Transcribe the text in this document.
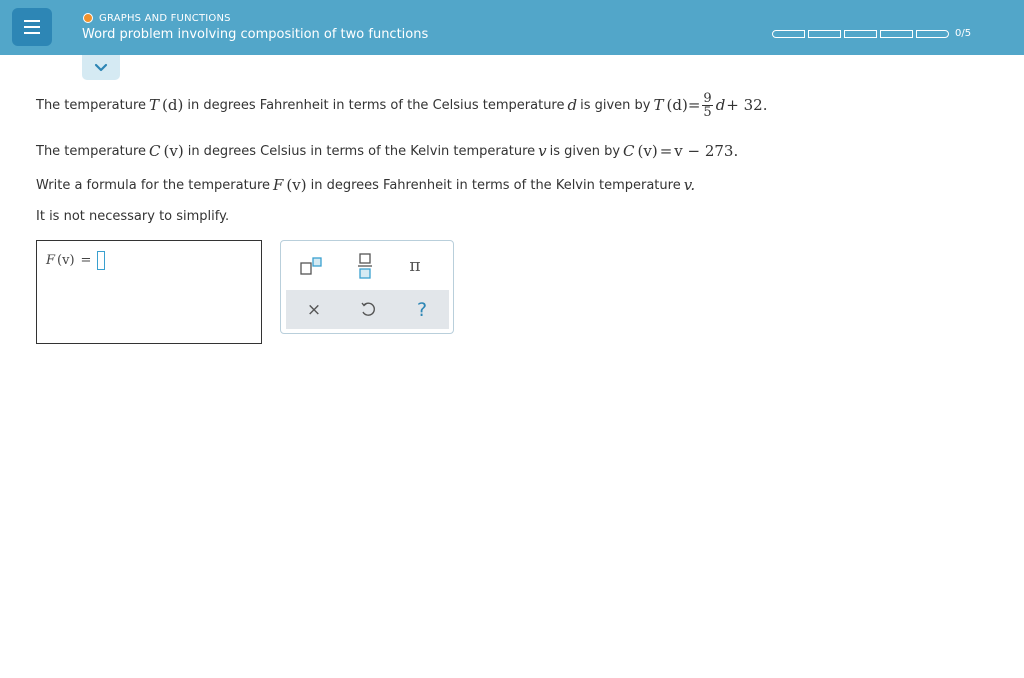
GRAPHS AND FUNCTIONS
Word problem involving composition of two functions	0/5
The temperature T (d) in degrees Fahrenheit in terms of the Celsius temperature d is given by T $(d) = \frac{9}{5}$ d + 32.
The temperature C (v) in degrees Celsius in terms of the Kelvin temperature v is given by C (v) = v − 273.
Write a formula for the temperature F (v) in degrees Fahrenheit in terms of the Kelvin temperature v.
It is not necessary to simplify.
F (v) =	π
×	?
